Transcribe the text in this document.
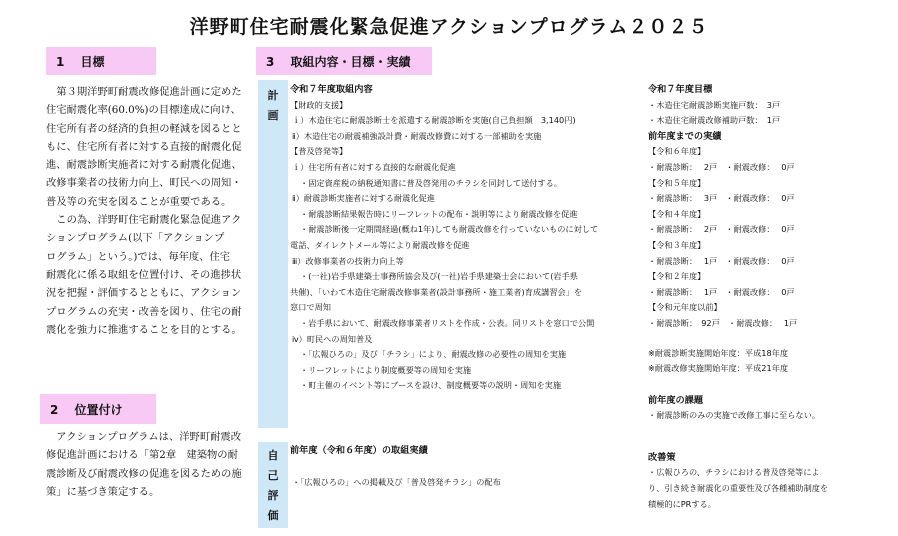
洋野町住宅耐震化緊急促進アクションプログラム２０２５
1　 目標
第３期洋野町耐震改修促進計画に定めた
住宅耐震化率(60.0%)の目標達成に向け、
住宅所有者の経済的負担の軽減を図るとと
もに、住宅所有者に対する直接的耐震化促
進、耐震診断実施者に対する耐震化促進、
改修事業者の技術力向上、町民への周知・
普及等の充実を図ることが重要である。
この為、洋野町住宅耐震化緊急促進アク
ションプログラム(以下「アクションプ
ログラム」という。)では、毎年度、住宅
耐震化に係る取組を位置付け、その進捗状
況を把握・評価するとともに、アクション
プログラムの充実・改善を図り、住宅の耐
震化を強力に推進することを目的とする。
2　 位置付け
アクションプログラムは、洋野町耐震改
修促進計画における「第2章　建築物の耐
震診断及び耐震改修の促進を図るための施
策」に基づき策定する。
3　 取組内容・目標・実績
計
画
自
己
評
価
令和７年度取組内容
【財政的支援】
ｉ）木造住宅に耐震診断士を派遣する耐震診断を実施(自己負担額　3,140円)
ⅱ）木造住宅の耐震補強設計費・耐震改修費に対する一部補助を実施
【普及啓発等】
ｉ）住宅所有者に対する直接的な耐震化促進
・固定資産税の納税通知書に普及啓発用のチラシを同封して送付する。
ⅱ）耐震診断実施者に対する耐震化促進
・耐震診断結果報告時にリーフレットの配布・説明等により耐震改修を促進
・耐震診断後一定期間経過(概ね1年)しても耐震改修を行っていないものに対して
電話、ダイレクトメール等により耐震改修を促進
ⅲ）改修事業者の技術力向上等
・(一社)岩手県建築士事務所協会及び(一社)岩手県建築士会において(岩手県
共催)、「いわて木造住宅耐震改修事業者(設計事務所・施工業者)育成講習会」を
窓口で周知
・岩手県において、耐震改修事業者リストを作成・公表。同リストを窓口で公開
ⅳ）町民への周知普及
・「広報ひろの」及び「チラシ」により、耐震改修の必要性の周知を実施
・リーフレットにより制度概要等の周知を実施
・町主催のイベント等にブースを設け、制度概要等の説明・周知を実施
前年度（令和６年度）の取組実績
・「広報ひろの」への掲載及び「普及啓発チラシ」の配布
令和７年度目標
・木造住宅耐震診断実施戸数：　3戸
・木造住宅耐震改修補助戸数：　1戸
前年度までの実績
【令和６年度】
・耐震診断：　 2戸　・耐震改修：　 0戸
【令和５年度】
・耐震診断：　 3戸　・耐震改修：　 0戸
【令和４年度】
・耐震診断：　 2戸　・耐震改修：　 0戸
【令和３年度】
・耐震診断：　 1戸　・耐震改修：　 0戸
【令和２年度】
・耐震診断：　 1戸　・耐震改修：　 0戸
【令和元年度以前】
・耐震診断：　92戸　・耐震改修：　 1戸
※耐震診断実施開始年度：平成18年度
※耐震改修実施開始年度：平成21年度
前年度の課題
・耐震診断のみの実施で改修工事に至らない。
改善策
・広報ひろの、チラシにおける普及啓発等によ
り、引き続き耐震化の重要性及び各種補助制度を
積極的にPRする。
